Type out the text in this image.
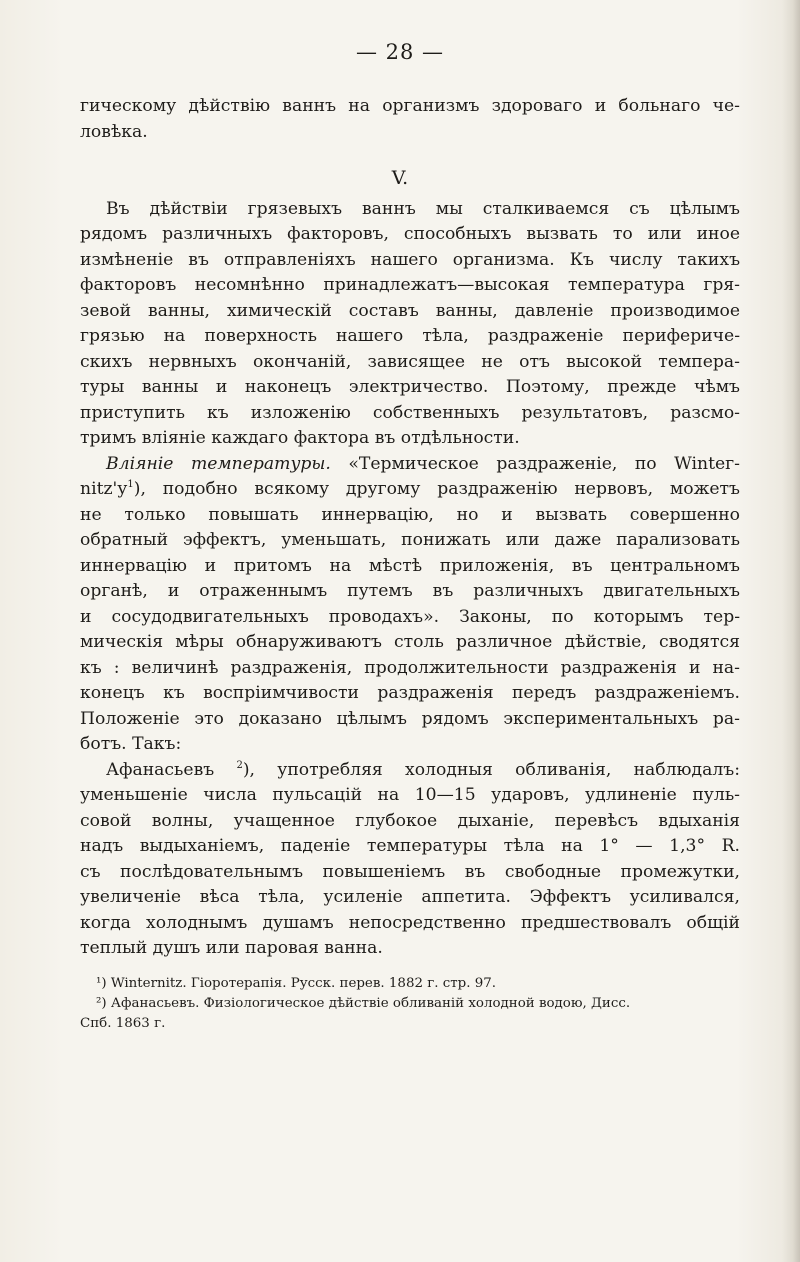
— 28 —
гическому дѣйствію ваннъ на организмъ здороваго и больнаго че-
ловѣка.
V.
Въ дѣйствіи грязевыхъ ваннъ мы сталкиваемся съ цѣлымъ
рядомъ различныхъ факторовъ, способныхъ вызвать то или иное
измѣненіе въ отправленіяхъ нашего организма. Къ числу такихъ
факторовъ несомнѣнно принадлежатъ—высокая температура гря-
зевой ванны, химическій составъ ванны, давленіе производимое
грязью на поверхность нашего тѣла, раздраженіе перифериче-
скихъ нервныхъ окончаній, зависящее не отъ высокой темпера-
туры ванны и наконецъ электричество. Поэтому, прежде чѣмъ
приступить къ изложенію собственныхъ результатовъ, разсмо-
тримъ вліяніе каждаго фактора въ отдѣльности.
Вліяніе температуры. «Термическое раздраженіе, по Wintег-
$nitz'у^1$), подобно всякому другому раздраженію нервовъ, можетъ
не только повышать иннервацію, но и вызвать совершенно
обратный эффектъ, уменьшать, понижать или даже парализовать
иннервацію и притомъ на мѣстѣ приложенія, въ центральномъ
органѣ, и отраженнымъ путемъ въ различныхъ двигательныхъ
и сосудодвигательныхъ проводахъ». Законы, по которымъ тер-
мическія мѣры обнаруживаютъ столь различное дѣйствіе, сводятся
къ : величинѣ раздраженія, продолжительности раздраженія и на-
конецъ къ воспріимчивости раздраженія передъ раздраженіемъ.
Положеніе это доказано цѣлымъ рядомъ экспериментальныхъ ра-
ботъ. Такъ:
Афанасьевъ $^2$), употребляя холодныя обливанія, наблюдалъ:
уменьшеніе числа пульсацій на 10—15 ударовъ, удлиненіе пуль-
совой волны, учащенное глубокое дыханіе, перевѣсъ вдыханія
надъ выдыханіемъ, паденіе температуры тѣла на 1° — 1,3° R.
съ послѣдовательнымъ повышеніемъ въ свободные промежутки,
увеличеніе вѣса тѣла, усиленіе аппетита. Эффектъ усиливался,
когда холоднымъ душамъ непосредственно предшествовалъ общій
теплый душъ или паровая ванна.
¹) Wintеrnitz. Гіоротерапія. Русск. перев. 1882 г. стр. 97.
²) Афанасьевъ. Физіологическое дѣйствіе обливаній холодной водою, Дисс.
Спб. 1863 г.
